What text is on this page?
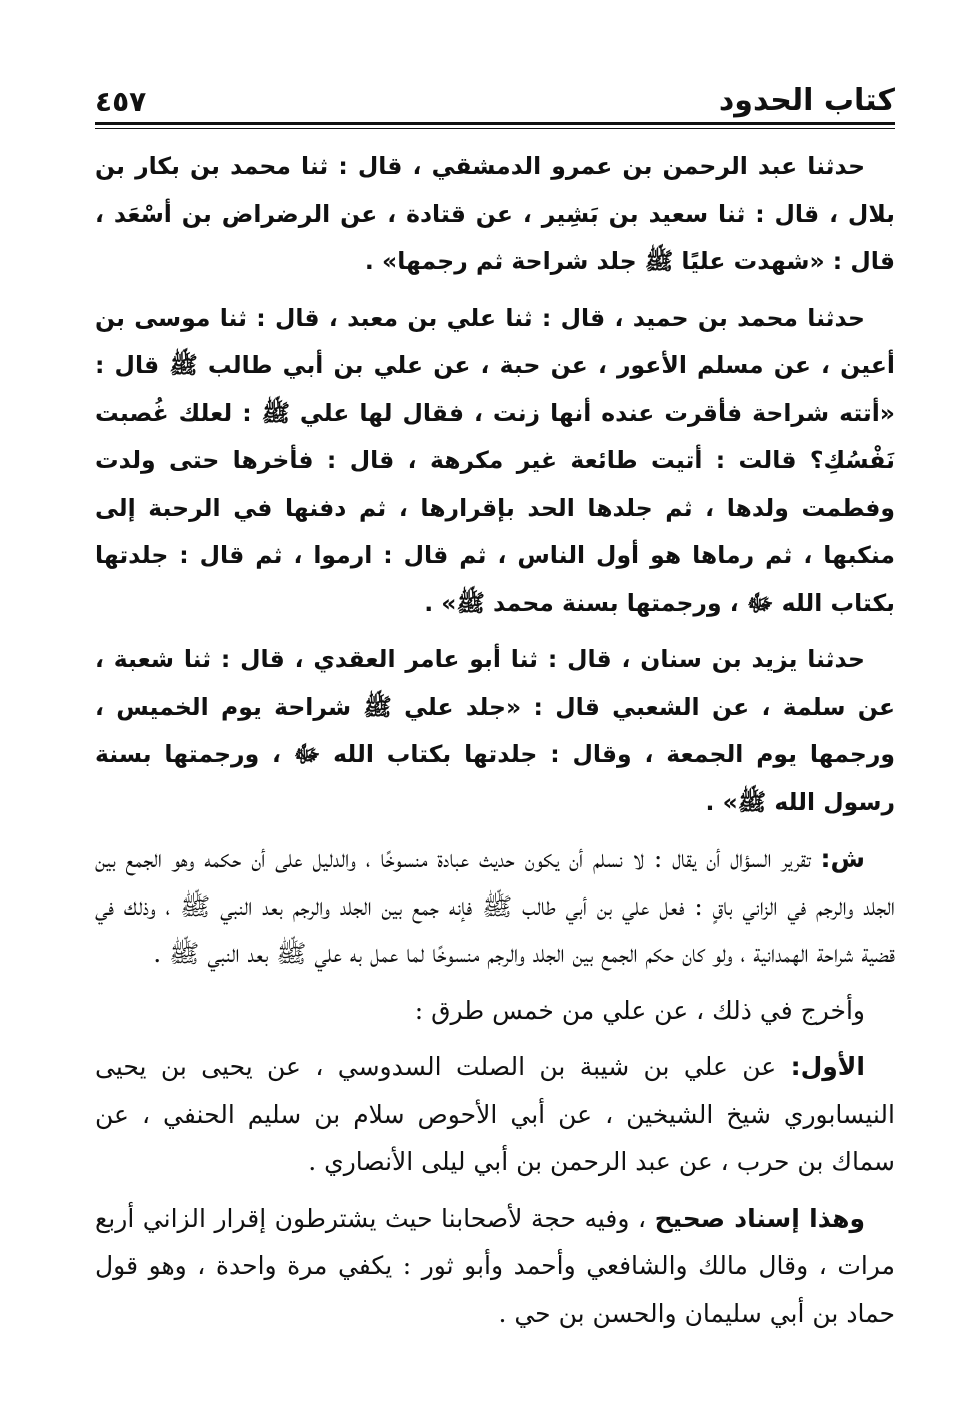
كتاب الحدود
٤٥٧

حدثنا عبد الرحمن بن عمرو الدمشقي ، قال : ثنا محمد بن بكار بن بلال ، قال : ثنا سعيد بن بَشِير ، عن قتادة ، عن الرضراض بن أسْعَد ، قال : «شهدت عليًا ﷺ جلد شراحة ثم رجمها» .

حدثنا محمد بن حميد ، قال : ثنا علي بن معبد ، قال : ثنا موسى بن أعين ، عن مسلم الأعور ، عن حبة ، عن علي بن أبي طالب ﷺ قال : «أتته شراحة فأقرت عنده أنها زنت ، فقال لها علي ﷺ : لعلك غُصبت نَفْسُكِ؟ قالت : أتيت طائعة غير مكرهة ، قال : فأخرها حتى ولدت وفطمت ولدها ، ثم جلدها الحد بإقرارها ، ثم دفنها في الرحبة إلى منكبها ، ثم رماها هو أول الناس ، ثم قال : ارموا ، ثم قال : جلدتها بكتاب الله ﷻ ، ورجمتها بسنة محمد ﷺ» .

حدثنا يزيد بن سنان ، قال : ثنا أبو عامر العقدي ، قال : ثنا شعبة ، عن سلمة ، عن الشعبي قال : «جلد علي ﷺ شراحة يوم الخميس ، ورجمها يوم الجمعة ، وقال : جلدتها بكتاب الله ﷻ ، ورجمتها بسنة رسول الله ﷺ» .

ش: تقرير السؤال أن يقال : لا نسلم أن يكون حديث عبادة منسوخًا ، والدليل على أن حكمه وهو الجمع بين الجلد والرجم في الزاني باقٍ : فعل علي بن أبي طالب ﷺ فإنه جمع بين الجلد والرجم بعد النبي ﷺ ، وذلك في قضية شراحة الهمدانية ، ولو كان حكم الجمع بين الجلد والرجم منسوخًا لما عمل به علي ﷺ بعد النبي ﷺ .

وأخرج في ذلك ، عن علي من خمس طرق :

الأول: عن علي بن شيبة بن الصلت السدوسي ، عن يحيى بن يحيى النيسابوري شيخ الشيخين ، عن أبي الأحوص سلام بن سليم الحنفي ، عن سماك بن حرب ، عن عبد الرحمن بن أبي ليلى الأنصاري .

وهذا إسناد صحيح ، وفيه حجة لأصحابنا حيث يشترطون إقرار الزاني أربع مرات ، وقال مالك والشافعي وأحمد وأبو ثور : يكفي مرة واحدة ، وهو قول حماد بن أبي سليمان والحسن بن حي .
